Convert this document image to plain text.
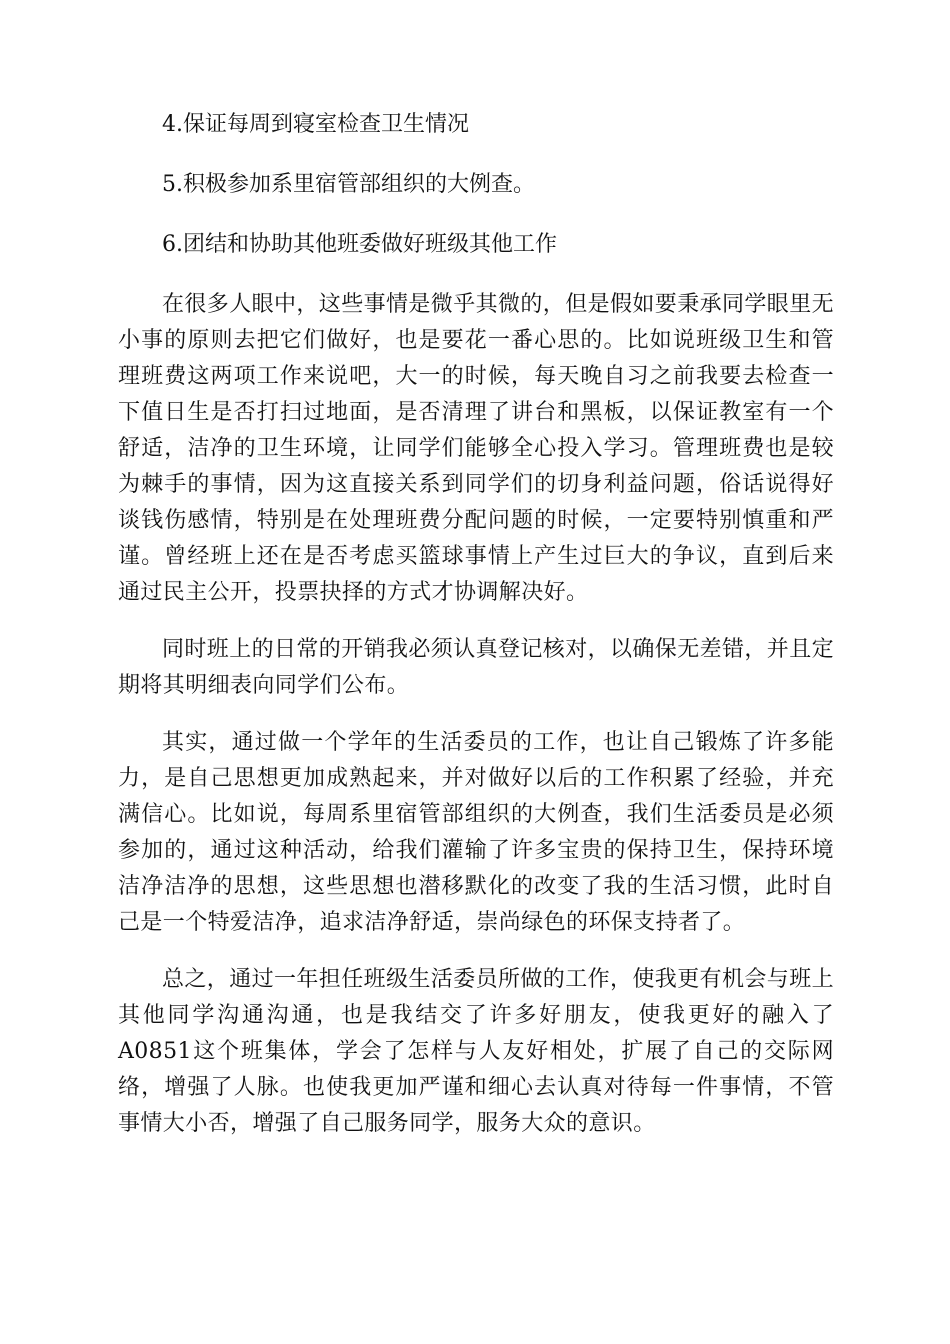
4.保证每周到寝室检查卫生情况
5.积极参加系里宿管部组织的大例查。
6.团结和协助其他班委做好班级其他工作

在很多人眼中，这些事情是微乎其微的，但是假如要秉承同学眼里无小事的原则去把它们做好，也是要花一番心思的。比如说班级卫生和管理班费这两项工作来说吧，大一的时候，每天晚自习之前我要去检查一下值日生是否打扫过地面，是否清理了讲台和黑板，以保证教室有一个舒适，洁净的卫生环境，让同学们能够全心投入学习。管理班费也是较为棘手的事情，因为这直接关系到同学们的切身利益问题，俗话说得好谈钱伤感情，特别是在处理班费分配问题的时候，一定要特别慎重和严谨。曾经班上还在是否考虑买篮球事情上产生过巨大的争议，直到后来通过民主公开，投票抉择的方式才协调解决好。

同时班上的日常的开销我必须认真登记核对，以确保无差错，并且定期将其明细表向同学们公布。

其实，通过做一个学年的生活委员的工作，也让自己锻炼了许多能力，是自己思想更加成熟起来，并对做好以后的工作积累了经验，并充满信心。比如说，每周系里宿管部组织的大例查，我们生活委员是必须参加的，通过这种活动，给我们灌输了许多宝贵的保持卫生，保持环境洁净洁净的思想，这些思想也潜移默化的改变了我的生活习惯，此时自己是一个特爱洁净，追求洁净舒适，崇尚绿色的环保支持者了。

总之，通过一年担任班级生活委员所做的工作，使我更有机会与班上其他同学沟通沟通，也是我结交了许多好朋友，使我更好的融入了A0851这个班集体，学会了怎样与人友好相处，扩展了自己的交际网络，增强了人脉。也使我更加严谨和细心去认真对待每一件事情，不管事情大小否，增强了自己服务同学，服务大众的意识。
